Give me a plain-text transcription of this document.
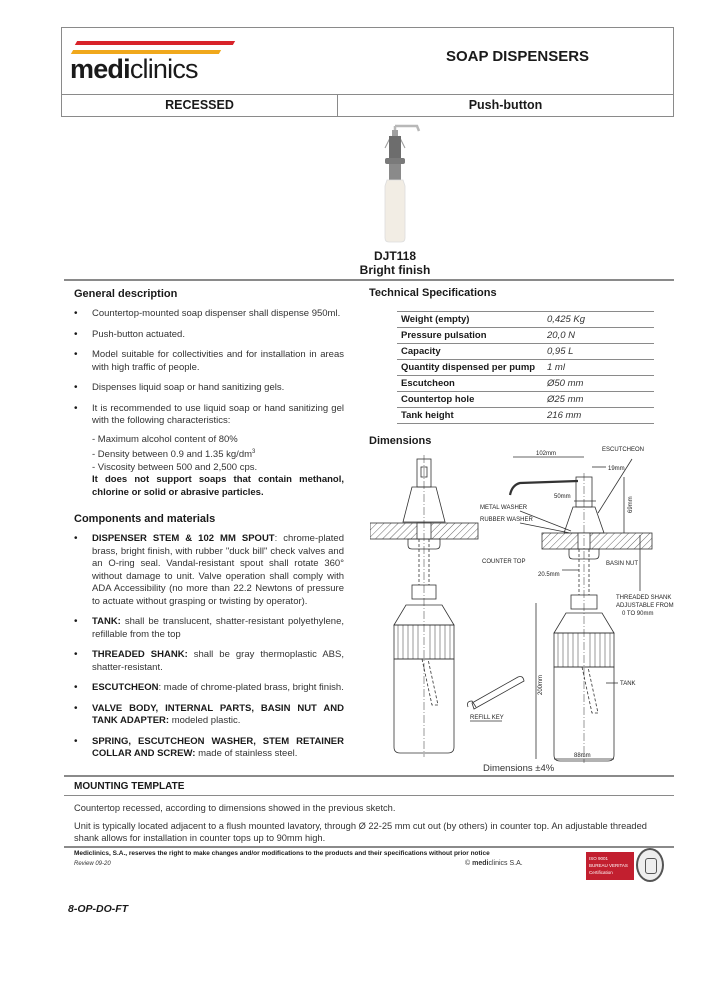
mediclinics	SOAP DISPENSERS
RECESSED	Push-button
DJT118
Bright finish
General description
• Countertop-mounted soap dispenser shall dispense 950ml.
• Push-button actuated.
• Model suitable for collectivities and for installation in areas with high traffic of people.
• Dispenses liquid soap or hand sanitizing gels.
• It is recommended to use liquid soap or hand sanitizing gel with the following characteristics:
- Maximum alcohol content of 80%
- Density between 0.9 and 1.35 $kg/dm^3$
- Viscosity between 500 and 2,500 cps.
It does not support soaps that contain methanol, chlorine or solid or abrasive particles.
Components and materials
• DISPENSER STEM & 102 MM SPOUT: chrome-plated brass, bright finish, with rubber "duck bill" check valves and an O-ring seal. Vandal-resistant spout shall rotate 360° without damage to unit. Valve operation shall comply with ADA Accessibility (no more than 22.2 Newtons of pressure to actuate without grasping or twisting by operator).
• TANK: shall be translucent, shatter-resistant polyethylene, refillable from the top
• THREADED SHANK: shall be gray thermoplastic ABS, shatter-resistant.
• ESCUTCHEON: made of chrome-plated brass, bright finish.
• VALVE BODY, INTERNAL PARTS, BASIN NUT AND TANK ADAPTER: modeled plastic.
• SPRING, ESCUTCHEON WASHER, STEM RETAINER COLLAR AND SCREW: made of stainless steel.
Technical Specifications
Weight (empty)	0,425 Kg
Pressure pulsation	20,0 N
Capacity	0,95 L
Quantity dispensed per pump	1 ml
Escutcheon	Ø50 mm
Countertop hole	Ø25 mm
Tank height	216 mm
Dimensions
102mm
ESCUTCHEON
19mm
69mm
50mm
METAL WASHER
RUBBER WASHER
BASIN NUT
COUNTER TOP
20.5mm
THREADED SHANK
ADJUSTABLE FROM
0 TO 90mm
200mm	TANK
REFILL KEY
88mm
Dimensions ±4%
MOUNTING TEMPLATE
Countertop recessed, according to dimensions showed in the previous sketch.
Unit is typically located adjacent to a flush mounted lavatory, through Ø 22-25 mm cut out (by others) in counter top. An adjustable threaded shank allows for installation in counter tops up to 90mm high.
Mediclinics, S.A., reserves the right to make changes and/or modifications to the products and their specifications without prior notice
Review 09-20	© mediclinics S.A.
ISO 9001
BUREAU VERITAS
Certification
8-OP-DO-FT
